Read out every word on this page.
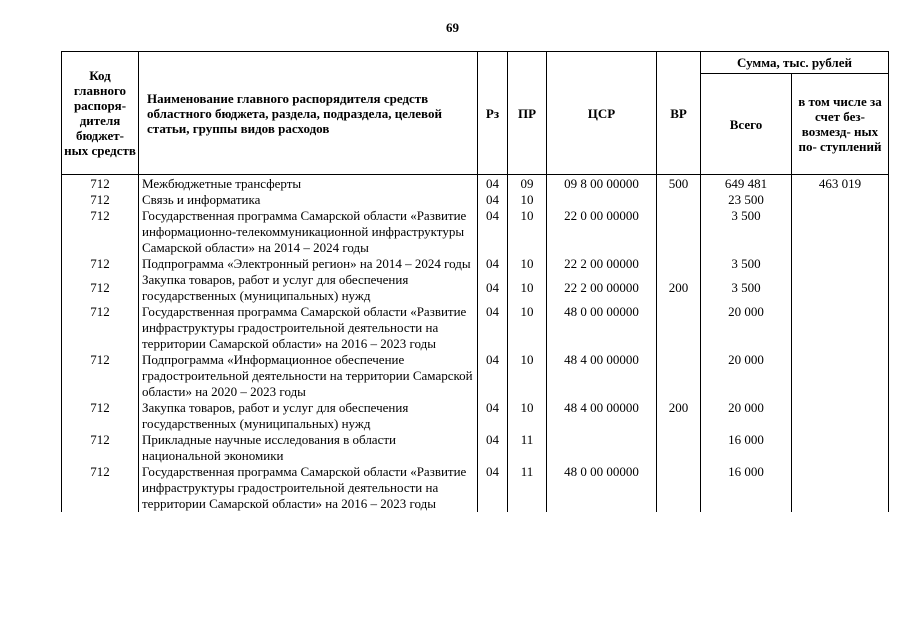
69
Код главного распоря- дителя бюджет- ных средств	Наименование главного распорядителя средств областного бюджета, раздела, подраздела, целевой статьи, группы видов расходов	Рз	ПР	ЦСР	ВР	Сумма, тыс. рублей	
						Всего	в том числе за счет без- возмезд- ных по- ступлений
712	Межбюджетные трансферты	04	09	09 8 00 00000	500	649 481	463 019
712	Связь и информатика	04	10			23 500	
712	Государственная программа Самарской области «Развитие информационно-телекоммуникационной инфраструктуры Самарской области» на 2014 – 2024 годы	04	10	22 0 00 00000		3 500	
712	Подпрограмма «Электронный регион» на 2014 – 2024 годы	04	10	22 2 00 00000		3 500	
712	Закупка товаров, работ и услуг для обеспечения государственных (муниципальных) нужд	04	10	22 2 00 00000	200	3 500	
712	Государственная программа Самарской области «Развитие инфраструктуры градостроительной деятельности на территории Самарской области» на 2016 – 2023 годы	04	10	48 0 00 00000		20 000	
712	Подпрограмма «Информационное обеспечение градостроительной деятельности на территории Самарской области» на 2020 – 2023 годы	04	10	48 4 00 00000		20 000	
712	Закупка товаров, работ и услуг для обеспечения государственных (муниципальных) нужд	04	10	48 4 00 00000	200	20 000	
712	Прикладные научные исследования в области национальной экономики	04	11			16 000	
712	Государственная программа Самарской области «Развитие инфраструктуры градостроительной деятельности на территории Самарской области» на 2016 – 2023 годы	04	11	48 0 00 00000		16 000	
